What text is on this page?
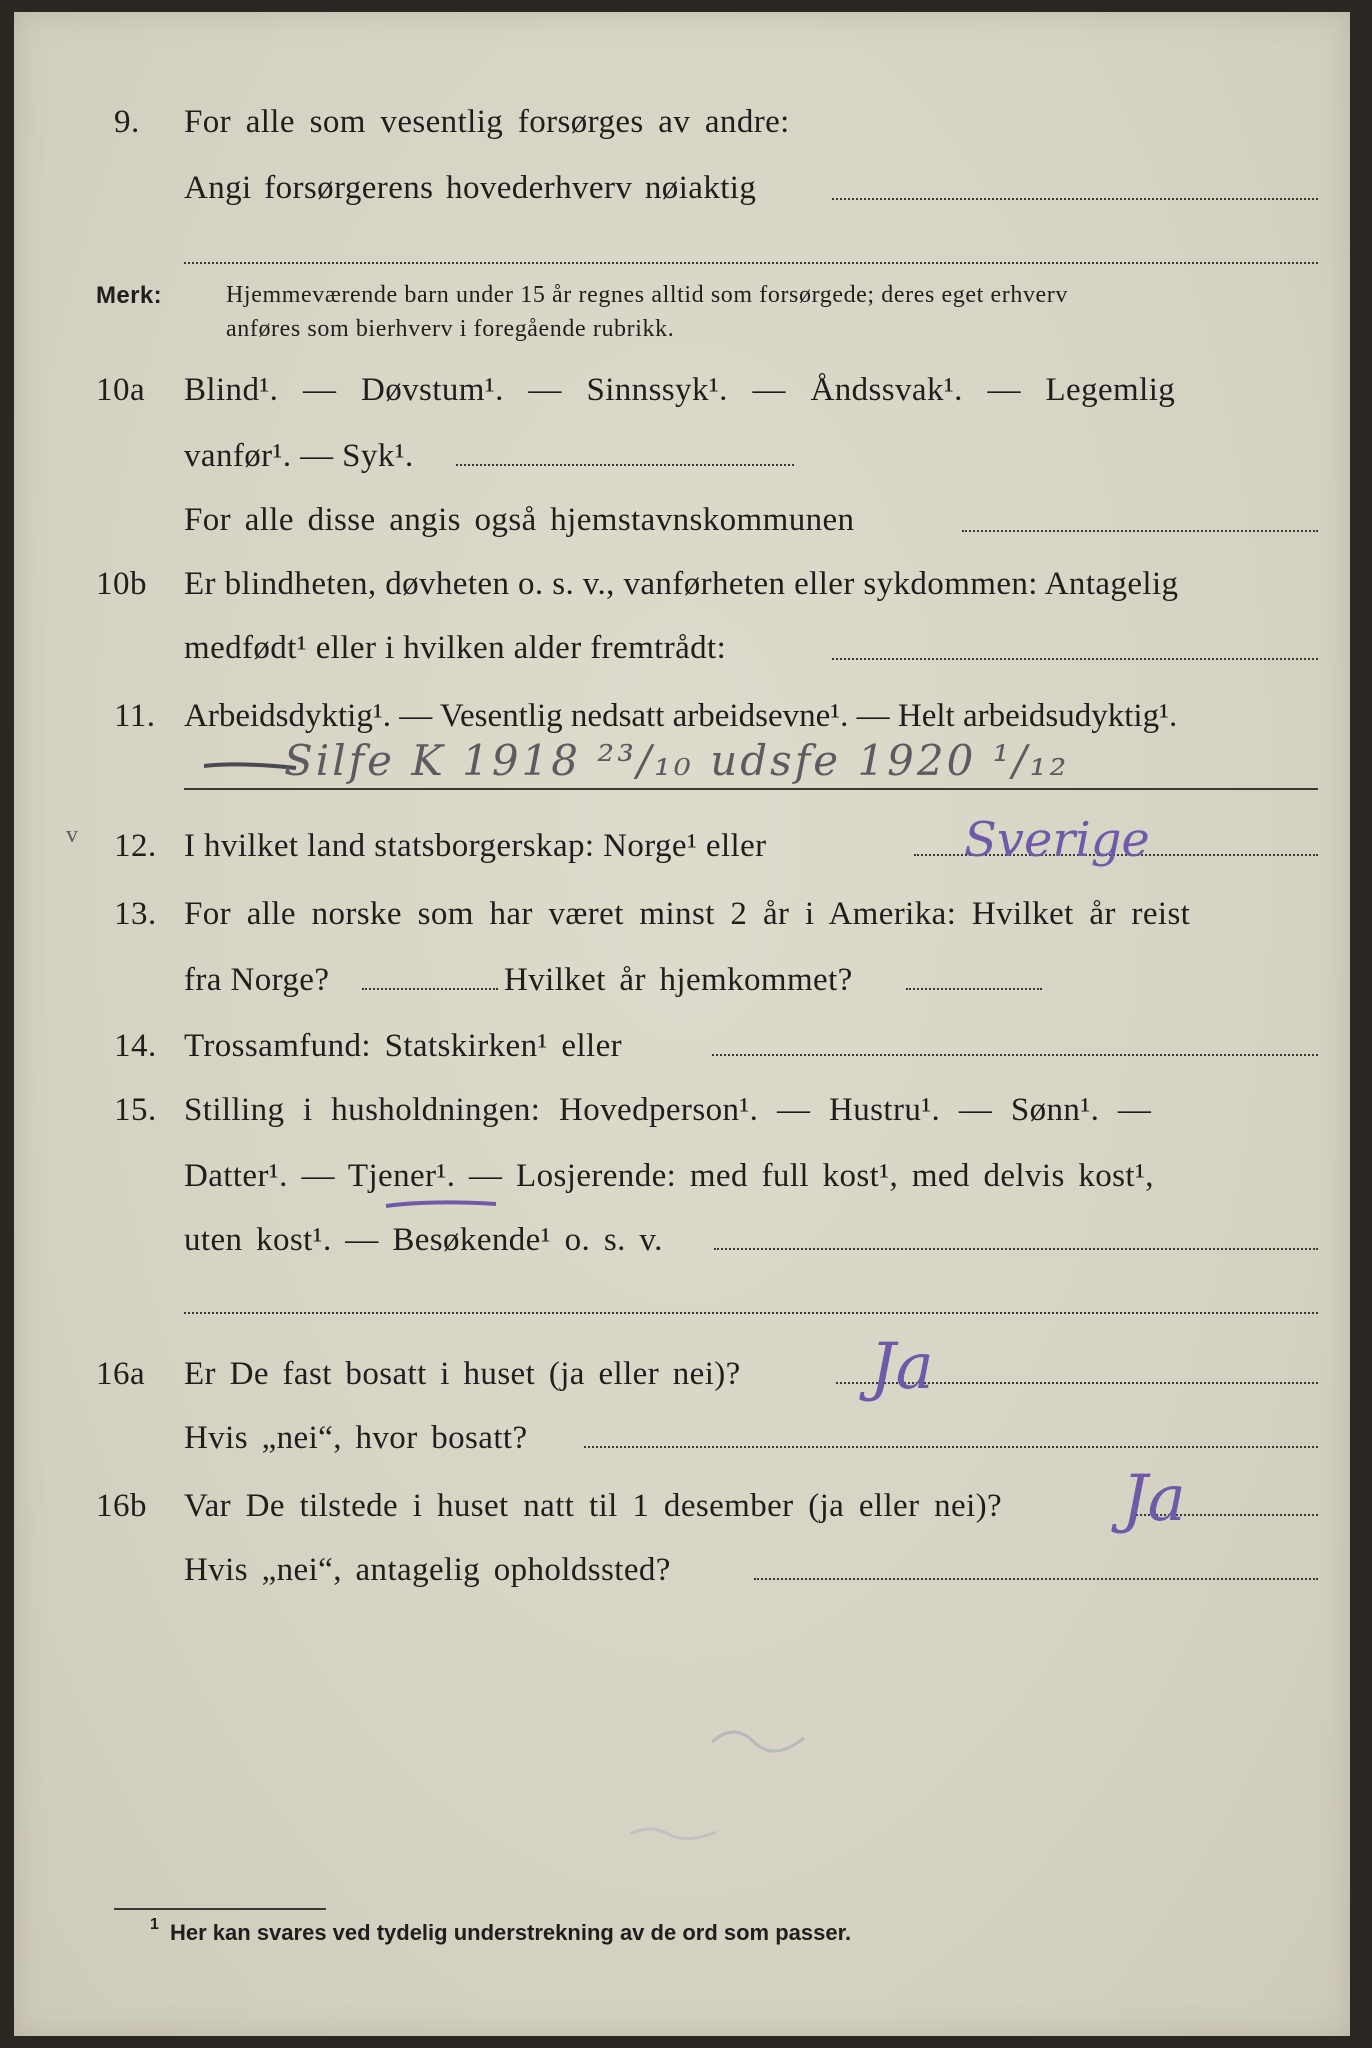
9. For alle som vesentlig forsørges av andre:
Angi forsørgerens hovederhverv nøiaktig
Merk:	Hjemmeværende barn under 15 år regnes alltid som forsørgede; deres eget erhverv
anføres som bierhverv i foregående rubrikk.
10a Blind¹. — Døvstum¹. — Sinnssyk¹. — Åndssvak¹. — Legemlig
vanfør¹. — Syk¹.
For alle disse angis også hjemstavnskommunen
10b Er blindheten, døvheten o. s. v., vanførheten eller sykdommen: Antagelig
medfødt¹ eller i hvilken alder fremtrådt:
11. Arbeidsdyktig¹. — Vesentlig nedsatt arbeidsevne¹. — Helt arbeidsudyktig¹.
Silfe K 1918 ²³/₁₀ udsfe 1920 ¹/₁₂
v 12. I hvilket land statsborgerskap: Norge¹ eller	Sverige
13. For alle norske som har været minst 2 år i Amerika: Hvilket år reist
fra Norge?	Hvilket år hjemkommet?
14. Trossamfund: Statskirken¹ eller
15. Stilling i husholdningen: Hovedperson¹. — Hustru¹. — Sønn¹. —
Datter¹. — Tjener¹. — Losjerende: med full kost¹, med delvis kost¹,
uten kost¹. — Besøkende¹ o. s. v.
16a Er De fast bosatt i huset (ja eller nei)? Ja
Hvis „nei“, hvor bosatt?
16b Var De tilstede i huset natt til 1 desember (ja eller nei)? Ja
Hvis „nei“, antagelig opholdssted?
1 Her kan svares ved tydelig understrekning av de ord som passer.
